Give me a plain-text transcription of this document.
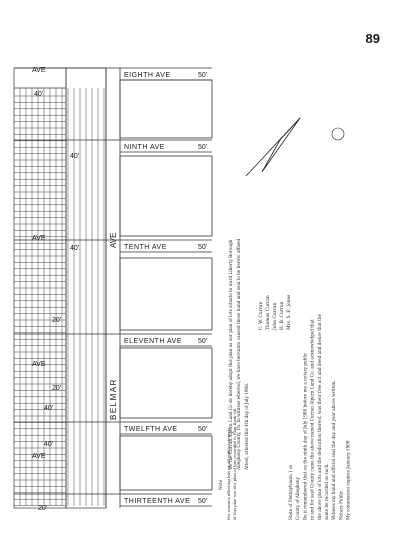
89
EIGHTH AVE	50'
NINTH AVE	50'
TENTH AVE	50'
ELEVENTH AVE 50'
TWELFTH AVE	50'
THIRTEENTH AVE 50'
AVE
AVE
AVE
AVE
BELMAR
AVE
40'
40'
40'
20'
20'
40'
40'
20'
We the Curran Alpern Land Co do hereby adopt this plan as our plan of lots situate in ward Liberty Borough Allegheny County, Pa. In witness whereof, we have hereunto caused these hand and seal to be hereto affixed Attest, attested this 4th day of July 1908.
C. W. Curran Thomas Curran John Curran H. B. Curran Mrs. S. E. Jones
State of Pennsylvania } ss County of Allegheny Be it remembered that on the ninth day of July 1908 before me a notary public in and for said County came the above named Curran Alpern Land Co, and acknowledged that the above plan of lots and the dedication thereof, was their free act and deed and desire that the same be recorded as such. Witness my hand and official seal the day and year above written. Notary Public My commission expires January 1909
Note For reasons affecting lots on all public interests of this plan see this plan of lots recorded in Plan Book Vol.
